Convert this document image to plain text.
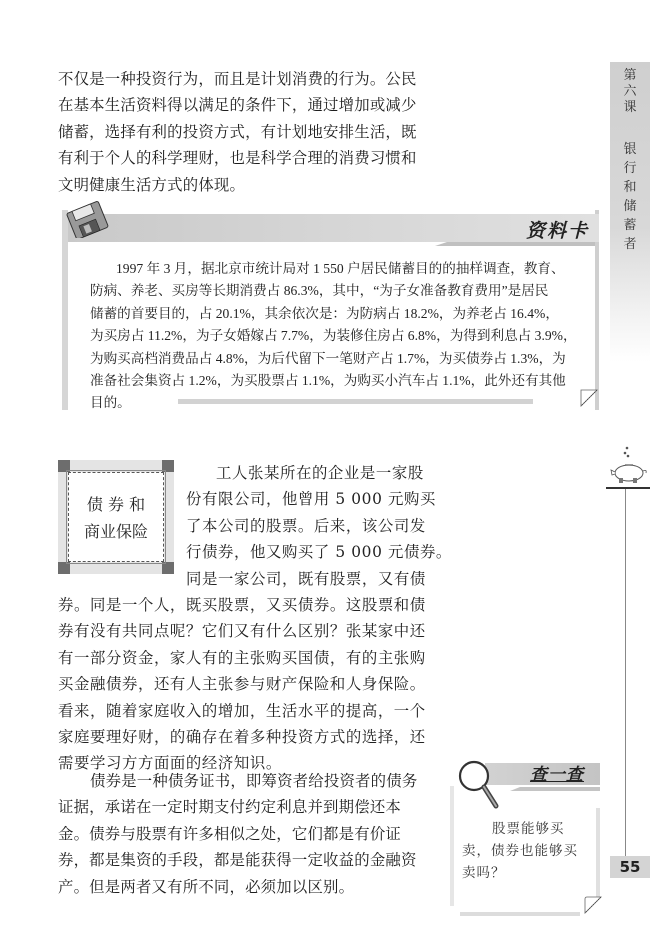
第
六
课
银
行
和
储
蓄
者
不仅是一种投资行为，而且是计划消费的行为。公民
在基本生活资料得以满足的条件下，通过增加或减少
储蓄，选择有利的投资方式，有计划地安排生活，既
有利于个人的科学理财，也是科学合理的消费习惯和
文明健康生活方式的体现。
资料卡
1997 年 3 月，据北京市统计局对 1 550 户居民储蓄目的的抽样调查，教育、
防病、养老、买房等长期消费占 86.3%，其中，“为子女准备教育费用”是居民
储蓄的首要目的，占 20.1%，其余依次是：为防病占 18.2%，为养老占 16.4%，
为买房占 11.2%，为子女婚嫁占 7.7%，为装修住房占 6.8%，为得到利息占 3.9%，
为购买高档消费品占 4.8%，为后代留下一笔财产占 1.7%，为买债券占 1.3%，为
准备社会集资占 1.2%，为买股票占 1.1%，为购买小汽车占 1.1%，此外还有其他
目的。
债 券 和
商业保险
工人张某所在的企业是一家股
份有限公司，他曾用 5 000 元购买
了本公司的股票。后来，该公司发
行债券，他又购买了 5 000 元债券。
同是一家公司，既有股票，又有债
券。同是一个人，既买股票，又买债券。这股票和债
券有没有共同点呢？它们又有什么区别？张某家中还
有一部分资金，家人有的主张购买国债，有的主张购
买金融债券，还有人主张参与财产保险和人身保险。
看来，随着家庭收入的增加，生活水平的提高，一个
家庭要理好财，的确存在着多种投资方式的选择，还
需要学习方方面面的经济知识。
债券是一种债务证书，即筹资者给投资者的债务
证据，承诺在一定时期支付约定利息并到期偿还本
金。债券与股票有许多相似之处，它们都是有价证
券，都是集资的手段，都是能获得一定收益的金融资
产。但是两者又有所不同，必须加以区别。
查一查
股票能够买
卖，债券也能够买
卖吗？	55
